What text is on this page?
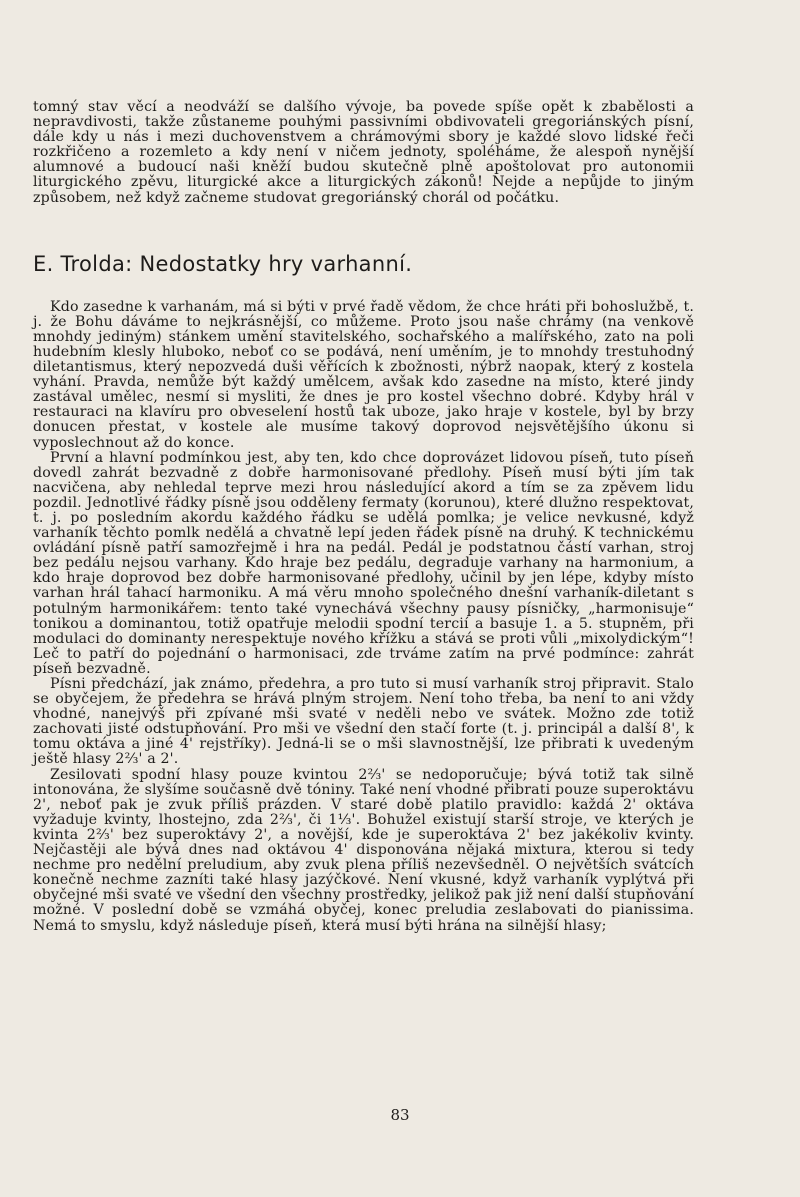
tomný stav věcí a neodváží se dalšího vývoje, ba povede spíše opět k zbabělosti a nepravdivosti, takže zůstaneme pouhými passivními obdivovateli gregoriánských písní, dále kdy u nás i mezi duchovenstvem a chrámovými sbory je každé slovo lidské řeči rozkřičeno a rozemleto a kdy není v ničem jednoty, spoléháme, že alespoň nynější alumnové a budoucí naši kněží budou skutečně plně apoštolovat pro autonomii liturgického zpěvu, liturgické akce a liturgických zákonů! Nejde a nepůjde to jiným způsobem, než když začneme studovat gregoriánský chorál od počátku.

E. Trolda: Nedostatky hry varhanní.

Kdo zasedne k varhanám, má si býti v prvé řadě vědom, že chce hráti při bohoslužbě, t. j. že Bohu dáváme to nejkrásnější, co můžeme. Proto jsou naše chrámy (na venkově mnohdy jediným) stánkem umění stavitelského, sochařského a malířského, zato na poli hudebním klesly hluboko, neboť co se podává, není uměním, je to mnohdy trestuhodný diletantismus, který nepozvedá duši věřících k zbožnosti, nýbrž naopak, který z kostela vyhání. Pravda, nemůže být každý umělcem, avšak kdo zasedne na místo, které jindy zastával umělec, nesmí si mysliti, že dnes je pro kostel všechno dobré. Kdyby hrál v restauraci na klavíru pro obveselení hostů tak uboze, jako hraje v kostele, byl by brzy donucen přestat, v kostele ale musíme takový doprovod nejsvětějšího úkonu si vyposlechnout až do konce.

První a hlavní podmínkou jest, aby ten, kdo chce doprovázet lidovou píseň, tuto píseň dovedl zahrát bezvadně z dobře harmonisované předlohy. Píseň musí býti jím tak nacvičena, aby nehledal teprve mezi hrou následující akord a tím se za zpěvem lidu pozdil. Jednotlivé řádky písně jsou odděleny fermaty (korunou), které dlužno respektovat, t. j. po posledním akordu každého řádku se udělá pomlka; je velice nevkusné, když varhaník těchto pomlk nedělá a chvatně lepí jeden řádek písně na druhý. K technickému ovládání písně patří samozřejmě i hra na pedál. Pedál je podstatnou částí varhan, stroj bez pedálu nejsou varhany. Kdo hraje bez pedálu, degraduje varhany na harmonium, a kdo hraje doprovod bez dobře harmonisované předlohy, učinil by jen lépe, kdyby místo varhan hrál tahací harmoniku. A má věru mnoho společného dnešní varhaník-diletant s potulným harmonikářem: tento také vynechává všechny pausy písničky, „harmonisuje“ tonikou a dominantou, totiž opatřuje melodii spodní tercií a basuje 1. a 5. stupněm, při modulaci do dominanty nerespektuje nového křížku a stává se proti vůli „mixolydickým“! Leč to patří do pojednání o harmonisaci, zde trváme zatím na prvé podmínce: zahrát píseň bezvadně.

Písni předchází, jak známo, předehra, a pro tuto si musí varhaník stroj připravit. Stalo se obyčejem, že předehra se hrává plným strojem. Není toho třeba, ba není to ani vždy vhodné, nanejvýš při zpívané mši svaté v neděli nebo ve svátek. Možno zde totiž zachovati jisté odstupňování. Pro mši ve všední den stačí forte (t. j. principál a další 8', k tomu oktáva a jiné 4' rejstříky). Jedná-li se o mši slavnostnější, lze přibrati k uvedeným ještě hlasy 2⅔' a 2'.

Zesilovati spodní hlasy pouze kvintou 2⅔' se nedoporučuje; bývá totiž tak silně intonována, že slyšíme současně dvě tóniny. Také není vhodné přibrati pouze superoktávu 2', neboť pak je zvuk příliš prázden. V staré době platilo pravidlo: každá 2' oktáva vyžaduje kvinty, lhostejno, zda 2⅔', či 1⅓'. Bohužel existují starší stroje, ve kterých je kvinta 2⅔' bez superoktávy 2', a novější, kde je superoktáva 2' bez jakékoliv kvinty. Nejčastěji ale bývá dnes nad oktávou 4' disponována nějaká mixtura, kterou si tedy nechme pro nedělní preludium, aby zvuk plena příliš nezevšedněl. O největších svátcích konečně nechme zazníti také hlasy jazýčkové. Není vkusné, když varhaník vyplýtvá při obyčejné mši svaté ve všední den všechny prostředky, jelikož pak již není další stupňování možné. V poslední době se vzmáhá obyčej, konec preludia zeslabovati do pianissima. Nemá to smyslu, když následuje píseň, která musí býti hrána na silnější hlasy;

83
